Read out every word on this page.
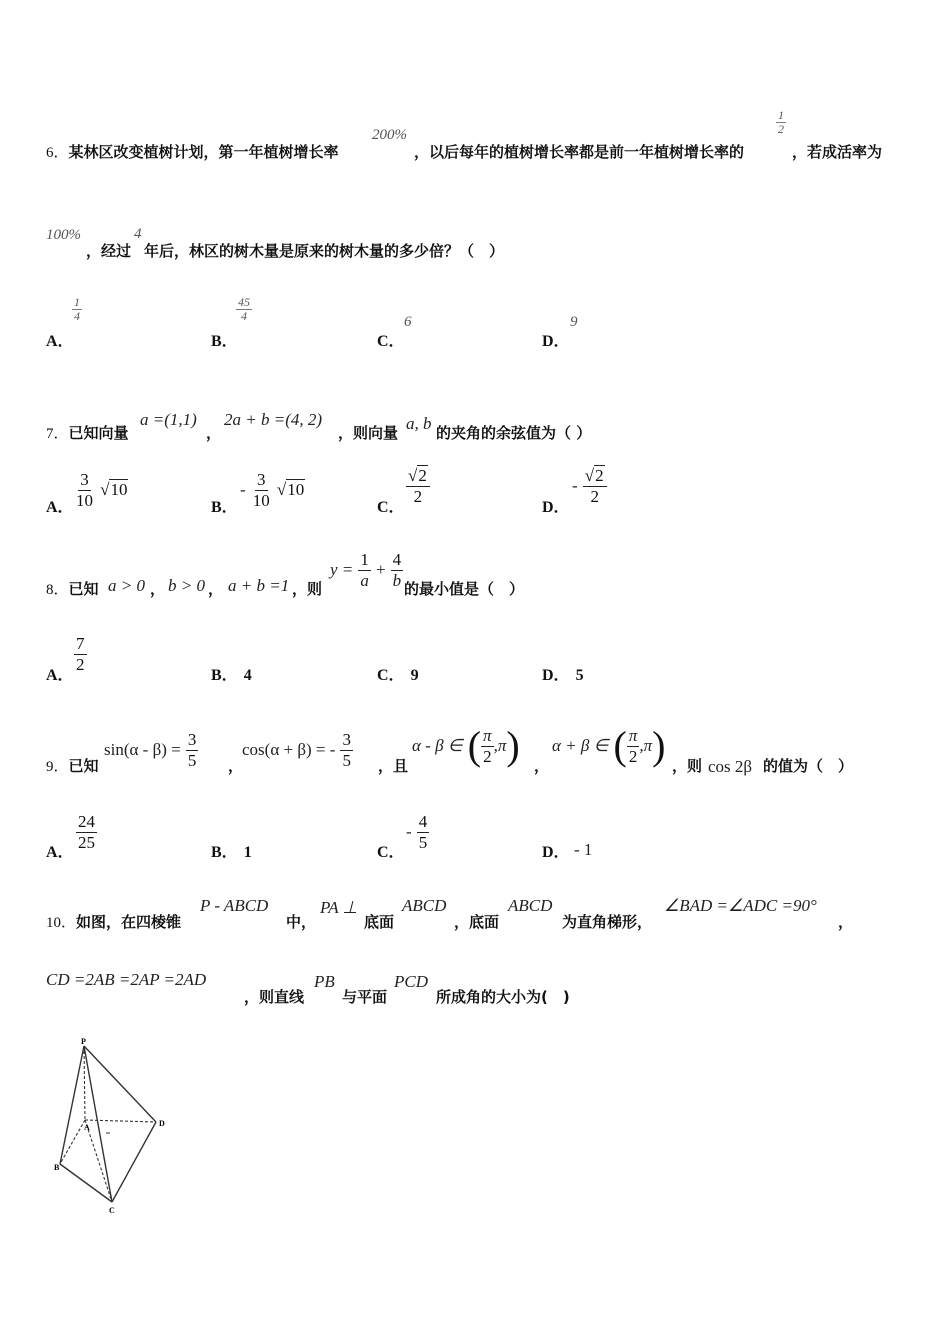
6．某林区改变植树计划，第一年植树增长率
200%
，以后每年的植树增长率都是前一年植树增长率的
$\frac{1}{2}$
，若成活率为
100%
，经过
4
年后，林区的树木量是原来的树木量的多少倍？（　）
A．
$\frac{1}{4}$
B．
$\frac{45}{4}$
C．
6
D．
9
7．已知向量
a =(1,1)
，
2a + b =(4, 2)
，则向量 a, b 的夹角的余弦值为（ ）
A． $\frac{3}{10} √10$
B．
- $\frac{3}{10} √10$
C．
$\frac{√2}{2}$
D．
- $\frac{√2}{2}$
8．已知 a > 0 ， b > 0 ， a + b =1 ，则
$y = \frac{1}{a} + \frac{4}{b}$ 的最小值是（　）
A．
$\frac{7}{2}$
B． 4	C． 9	D． 5
9．已知
$\sin(\alpha - \beta) = \frac{3}{5}$ ，
cos(α + β) = - $\frac{3}{5}$ ，且
α - β ∈ ( $\frac{\pi}{2} ,\pi$) ，
α + β ∈ ( $\frac{\pi}{2} ,\pi$) ，则 cos 2β 的值为（　）
A．
$\frac{24}{25}$
B． 1	C．
- $\frac{4}{5}$
D． - 1
10．如图，在四棱锥
P - ABCD
中，
PA ⊥
底面
ABCD
，底面
ABCD
为直角梯形，
∠BAD =∠ADC =90°
，
CD =2AB =2AP =2AD
，则直线
PB
与平面
PCD
所成角的大小为(　)
P
A
B
C
D
